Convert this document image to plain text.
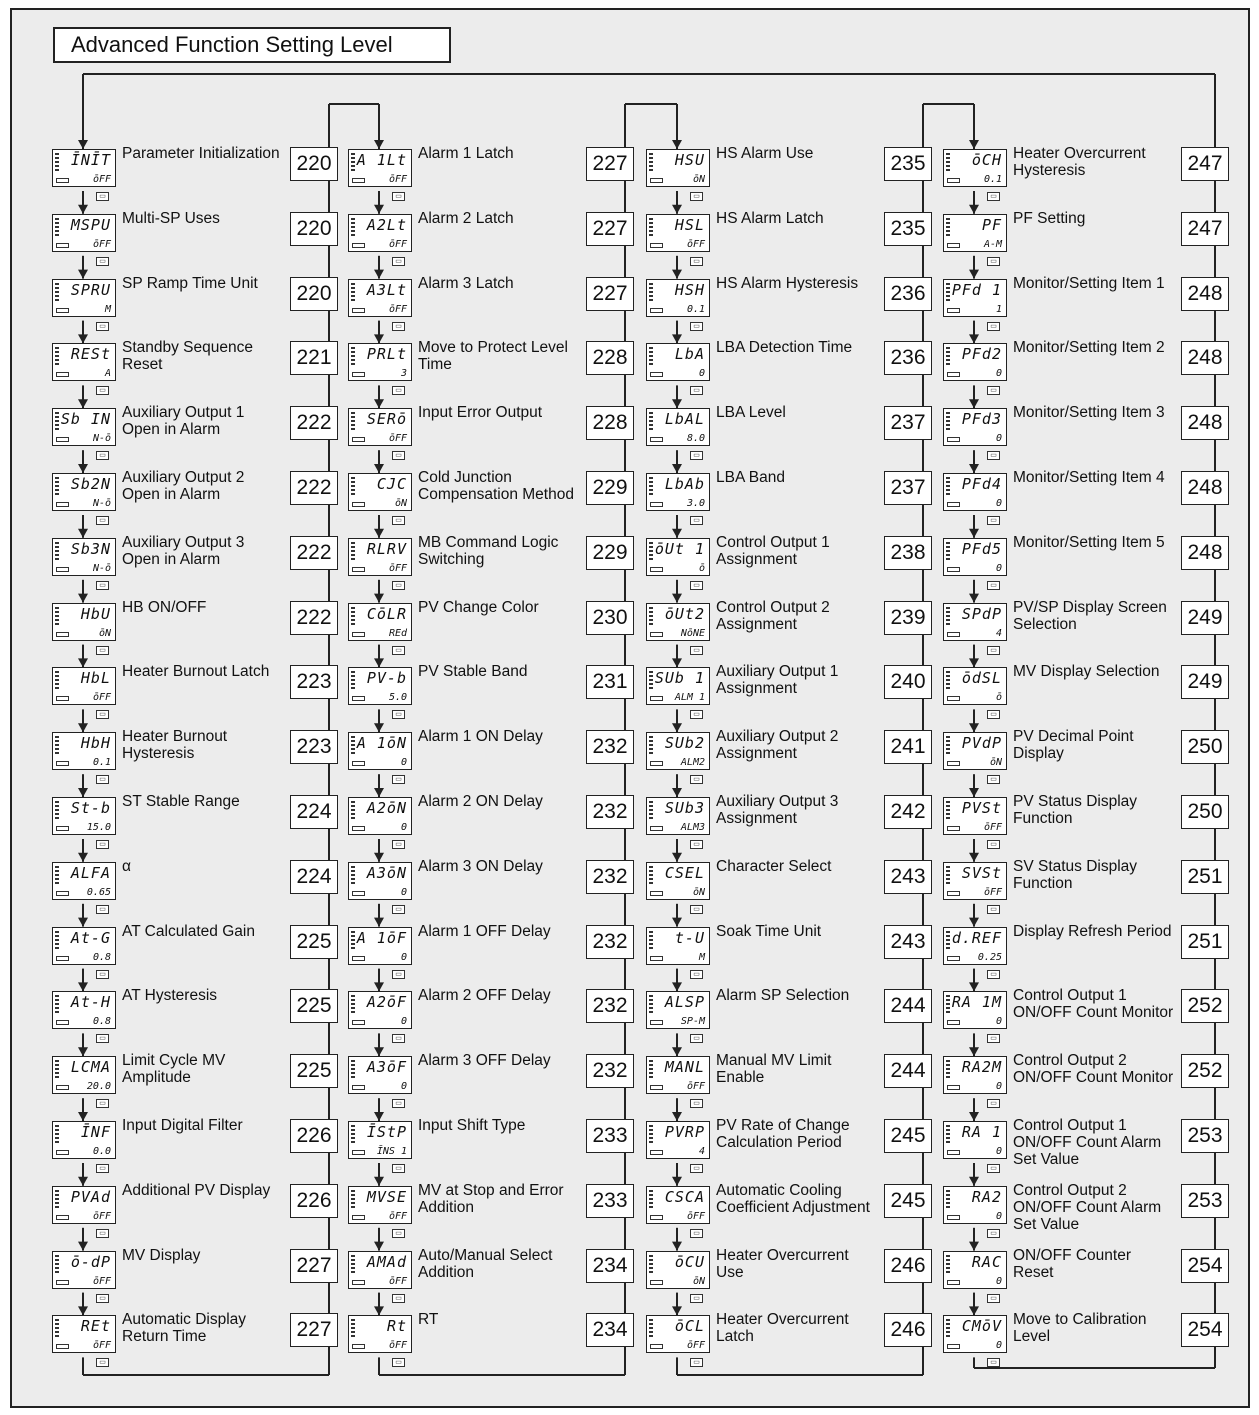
Advanced Function Setting Level
ĪNĪT
ōFF
Parameter Initialization 220
▭
MSPU
ōFF
Multi-SP Uses	220
▭
SPRU
M
SP Ramp Time Unit	220
▭
RESt
A
Standby Sequence Reset	221
▭
Sb IN
N-ō
Auxiliary Output 1 Open in Alarm	222
▭
Sb2N
N-ō
Auxiliary Output 2 Open in Alarm	222
▭
Sb3N
N-ō
Auxiliary Output 3 Open in Alarm	222
▭
HbU
ōN
HB ON/OFF	222
▭
HbL
ōFF
Heater Burnout Latch	223
▭
HbH
0.1
Heater Burnout Hysteresis	223
▭
St-b
15.0
ST Stable Range	224
▭
ALFA
0.65
α	224
▭
At-G
0.8
AT Calculated Gain	225
▭
At-H
0.8
AT Hysteresis	225
▭
LCMA
20.0
Limit Cycle MV Amplitude	225
▭
ĪNF
0.0
Input Digital Filter	226
▭
PVAd
ōFF
Additional PV Display	226
▭
ō-dP
ōFF
MV Display	227
▭
REt
ōFF
Automatic Display Return Time	227
▭
A 1Lt
ōFF
Alarm 1 Latch	227
▭
A2Lt
ōFF
Alarm 2 Latch	227
▭
A3Lt
ōFF
Alarm 3 Latch	227
▭
PRLt
3
Move to Protect Level Time	228
▭
SERō
ōFF
Input Error Output	228
▭
CJC
ōN
Cold Junction Compensation Method 229
▭
RLRV
ōFF
MB Command Logic Switching	229
▭
CōLR
REd
PV Change Color	230
▭
PV-b
5.0
PV Stable Band	231
▭
A 1ōN
0
Alarm 1 ON Delay	232
▭
A2ōN
0
Alarm 2 ON Delay	232
▭
A3ōN
0
Alarm 3 ON Delay	232
▭
A 1ōF
0
Alarm 1 OFF Delay	232
▭
A2ōF
0
Alarm 2 OFF Delay	232
▭
A3ōF
0
Alarm 3 OFF Delay	232
▭
ĪStP
ĪNS 1
Input Shift Type	233
▭
MVSE
ōFF
MV at Stop and Error Addition	233
▭
AMAd
ōFF
Auto/Manual Select Addition	234
▭
Rt
ōFF
RT	234
▭
HSU
ōN
HS Alarm Use	235
▭
HSL
ōFF
HS Alarm Latch	235
▭
HSH
0.1
HS Alarm Hysteresis	236
▭
LbA
0
LBA Detection Time	236
▭
LbAL
8.0
LBA Level	237
▭
LbAb
3.0
LBA Band	237
▭
ōUt 1
ō
Control Output 1 Assignment	238
▭
ōUt2
NōNE
Control Output 2 Assignment	239
▭
SUb 1
ALM 1
Auxiliary Output 1 Assignment	240
▭
SUb2
ALM2
Auxiliary Output 2 Assignment	241
▭
SUb3
ALM3
Auxiliary Output 3 Assignment	242
▭
CSEL
ōN
Character Select	243
▭
t-U
M
Soak Time Unit	243
▭
ALSP
SP-M
Alarm SP Selection	244
▭
MANL
ōFF
Manual MV Limit Enable	244
▭
PVRP
4
PV Rate of Change Calculation Period	245
▭
CSCA
ōFF
Automatic Cooling Coefficient Adjustment 245
▭
ōCU
ōN
Heater Overcurrent Use	246
▭
ōCL
ōFF
Heater Overcurrent Latch	246
▭
ōCH
0.1
Heater Overcurrent Hysteresis	247
▭
PF
A-M
PF Setting	247
▭
PFd 1
1
Monitor/Setting Item 1	248
▭
PFd2
0
Monitor/Setting Item 2	248
▭
PFd3
0
Monitor/Setting Item 3	248
▭
PFd4
0
Monitor/Setting Item 4	248
▭
PFd5
0
Monitor/Setting Item 5	248
▭
SPdP
4
PV/SP Display Screen Selection	249
▭
ōdSL
ō
MV Display Selection	249
▭
PVdP
ōN
PV Decimal Point Display	250
▭
PVSt
ōFF
PV Status Display Function	250
▭
SVSt
ōFF
SV Status Display Function	251
▭
d.REF
0.25
Display Refresh Period 251
▭
RA 1M
0
Control Output 1 ON/OFF Count Monitor 252
▭
RA2M
0
Control Output 2 ON/OFF Count Monitor 252
▭
RA 1
0
Control Output 1 ON/OFF Count Alarm Set Value
253
▭
RA2
0
Control Output 2 ON/OFF Count Alarm Set Value
253
▭
RAC
0
ON/OFF Counter Reset	254
▭
CMōV
0
Move to Calibration Level	254
▭
